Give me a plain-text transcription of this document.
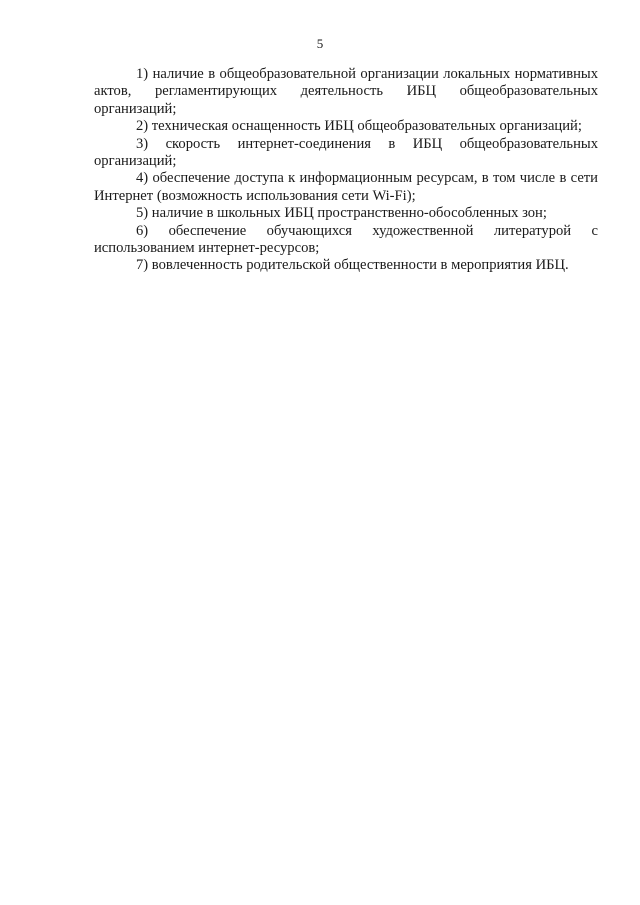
5

1) наличие в общеобразовательной организации локальных нормативных актов, регламентирующих деятельность ИБЦ общеобразовательных организаций;

2) техническая оснащенность ИБЦ общеобразовательных организаций;

3) скорость интернет-соединения в ИБЦ общеобразовательных организаций;

4) обеспечение доступа к информационным ресурсам, в том числе в сети Интернет (возможность использования сети Wi-Fi);

5) наличие в школьных ИБЦ пространственно-обособленных зон;

6) обеспечение обучающихся художественной литературой с использованием интернет-ресурсов;

7) вовлеченность родительской общественности в мероприятия ИБЦ.
